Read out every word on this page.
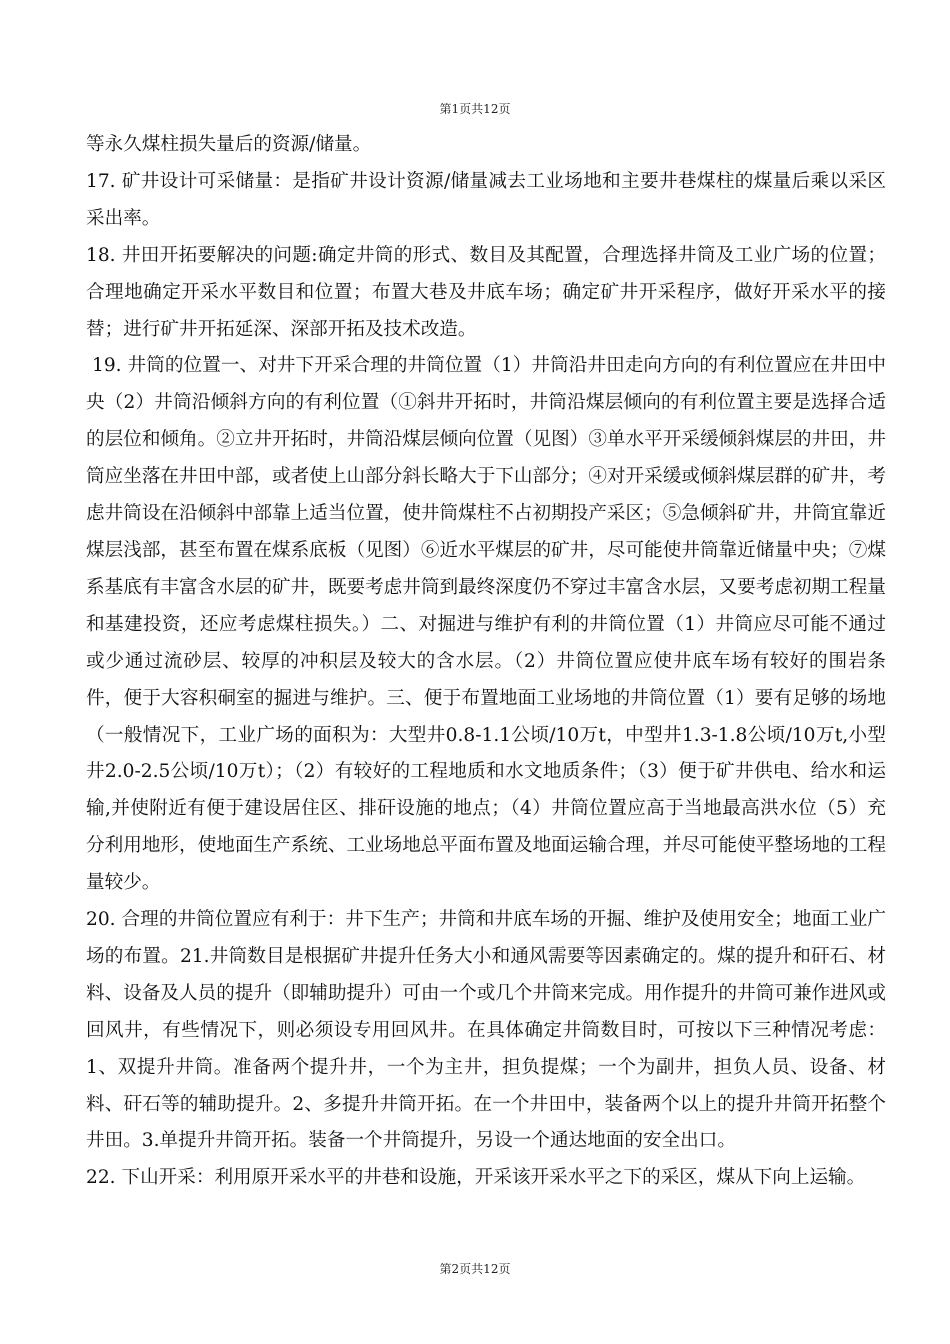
第1页共12页

等永久煤柱损失量后的资源/储量。

17. 矿井设计可采储量：是指矿井设计资源/储量减去工业场地和主要井巷煤柱的煤量后乘以采区采出率。

18. 井田开拓要解决的问题:确定井筒的形式、数目及其配置，合理选择井筒及工业广场的位置；合理地确定开采水平数目和位置；布置大巷及井底车场；确定矿井开采程序，做好开采水平的接替；进行矿井开拓延深、深部开拓及技术改造。

19. 井筒的位置一、对井下开采合理的井筒位置（1）井筒沿井田走向方向的有利位置应在井田中央（2）井筒沿倾斜方向的有利位置（①斜井开拓时，井筒沿煤层倾向的有利位置主要是选择合适的层位和倾角。②立井开拓时，井筒沿煤层倾向位置（见图）③单水平开采缓倾斜煤层的井田，井筒应坐落在井田中部，或者使上山部分斜长略大于下山部分；④对开采缓或倾斜煤层群的矿井，考虑井筒设在沿倾斜中部靠上适当位置，使井筒煤柱不占初期投产采区；⑤急倾斜矿井，井筒宜靠近煤层浅部，甚至布置在煤系底板（见图）⑥近水平煤层的矿井，尽可能使井筒靠近储量中央；⑦煤系基底有丰富含水层的矿井，既要考虑井筒到最终深度仍不穿过丰富含水层，又要考虑初期工程量和基建投资，还应考虑煤柱损失。）二、对掘进与维护有利的井筒位置（1）井筒应尽可能不通过或少通过流砂层、较厚的冲积层及较大的含水层。（2）井筒位置应使井底车场有较好的围岩条件，便于大容积硐室的掘进与维护。三、便于布置地面工业场地的井筒位置（1）要有足够的场地（一般情况下，工业广场的面积为：大型井0.8-1.1公顷/10万t，中型井1.3-1.8公顷/10万t,小型井2.0-2.5公顷/10万t）；（2）有较好的工程地质和水文地质条件；（3）便于矿井供电、给水和运输,并使附近有便于建设居住区、排矸设施的地点；（4）井筒位置应高于当地最高洪水位（5）充分利用地形，使地面生产系统、工业场地总平面布置及地面运输合理，并尽可能使平整场地的工程量较少。

20. 合理的井筒位置应有利于：井下生产；井筒和井底车场的开掘、维护及使用安全；地面工业广场的布置。21.井筒数目是根据矿井提升任务大小和通风需要等因素确定的。煤的提升和矸石、材料、设备及人员的提升（即辅助提升）可由一个或几个井筒来完成。用作提升的井筒可兼作进风或回风井，有些情况下，则必须设专用回风井。在具体确定井筒数目时，可按以下三种情况考虑：1、双提升井筒。准备两个提升井，一个为主井，担负提煤；一个为副井，担负人员、设备、材料、矸石等的辅助提升。2、多提升井筒开拓。在一个井田中，装备两个以上的提升井筒开拓整个井田。3.单提升井筒开拓。装备一个井筒提升，另设一个通达地面的安全出口。

22. 下山开采：利用原开采水平的井巷和设施，开采该开采水平之下的采区，煤从下向上运输。

第2页共12页
